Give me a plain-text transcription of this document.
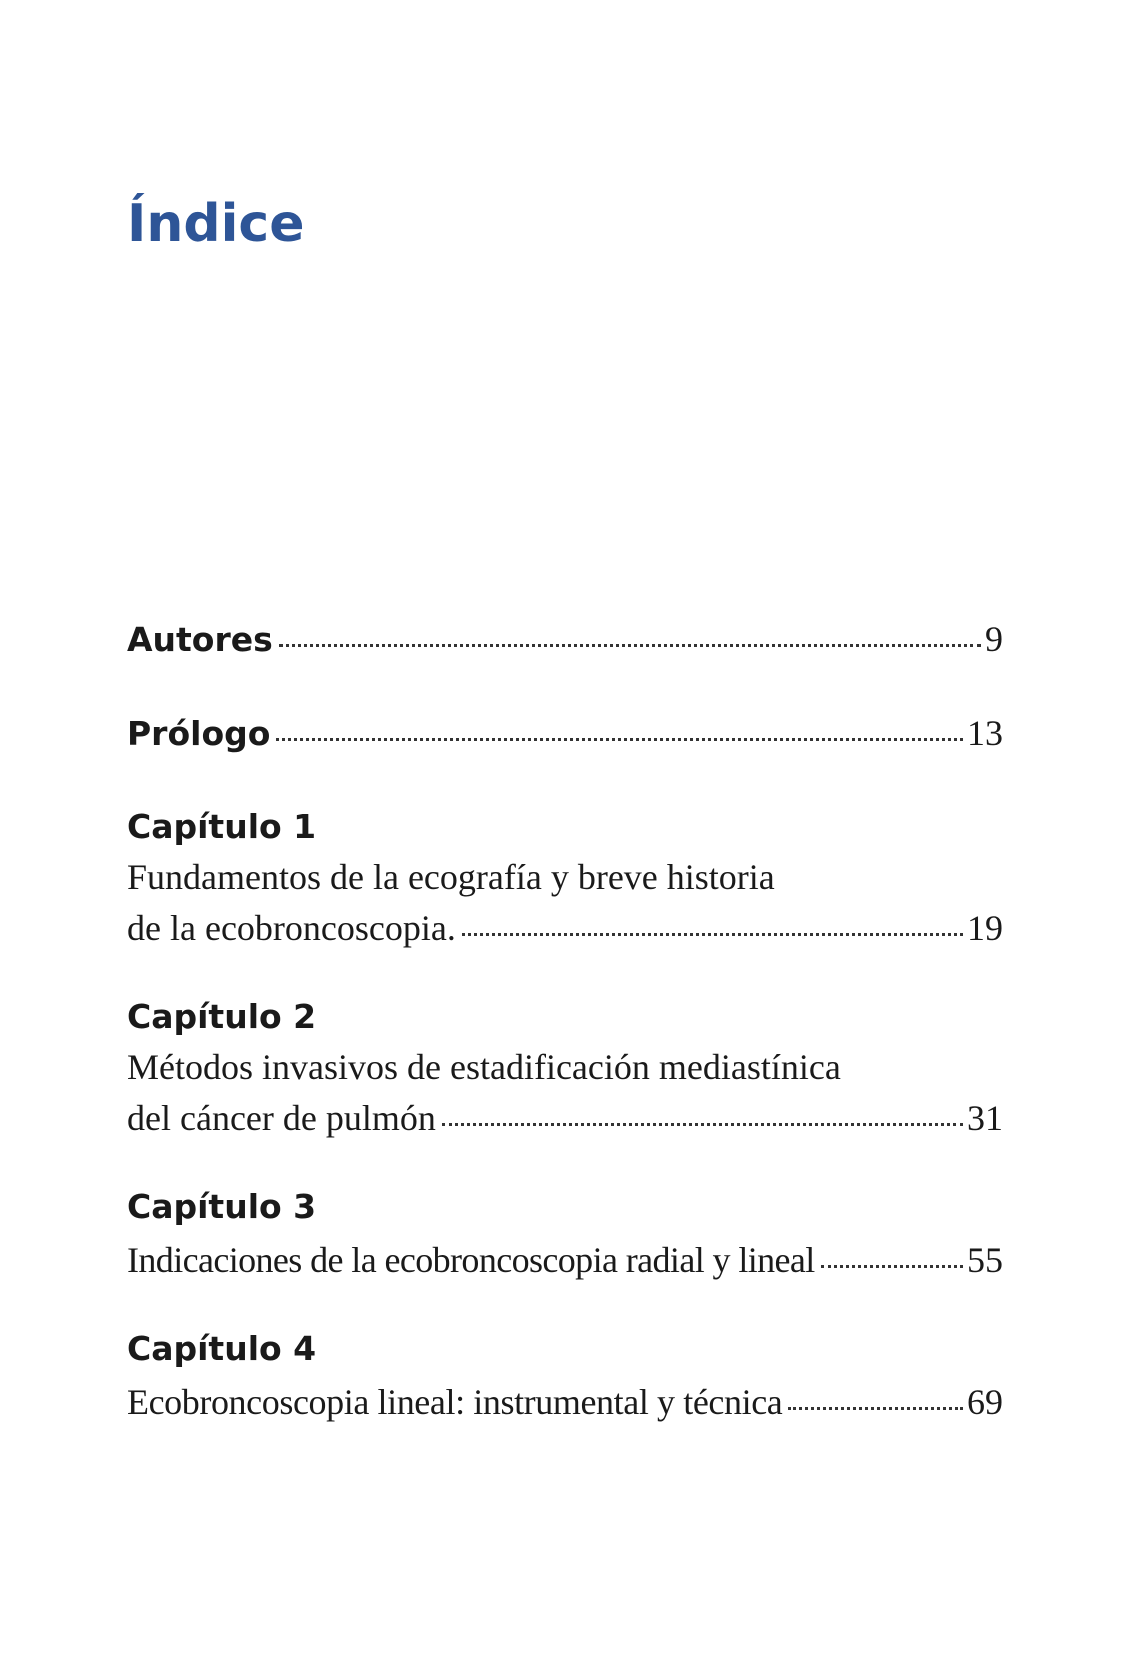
Índice
Autores	9
Prólogo	13
Capítulo 1
Fundamentos de la ecografía y breve historia
de la ecobroncoscopia.	19
Capítulo 2
Métodos invasivos de estadificación mediastínica
del cáncer de pulmón	31
Capítulo 3
Indicaciones de la ecobroncoscopia radial y lineal	55
Capítulo 4
Ecobroncoscopia lineal: instrumental y técnica	69
